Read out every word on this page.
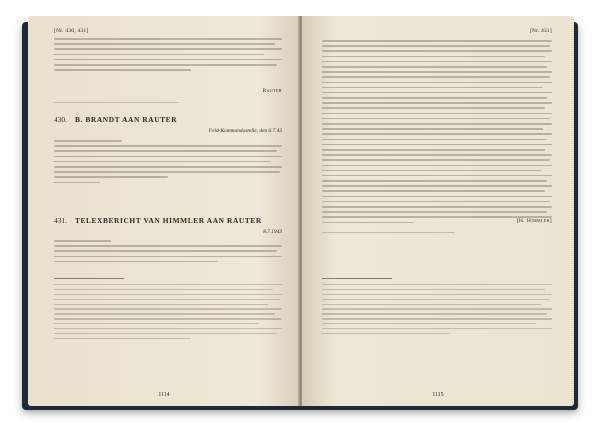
[Nr. 430, 431]
Rauter
430. B. BRANDT AAN RAUTER
Feld-Kommandostelle, den 6.7.43
431. TELEXBERICHT VAN HIMMLER AAN RAUTER
8.7.1943
1114
[Nr. 431]
[H. Himmler]
1115
